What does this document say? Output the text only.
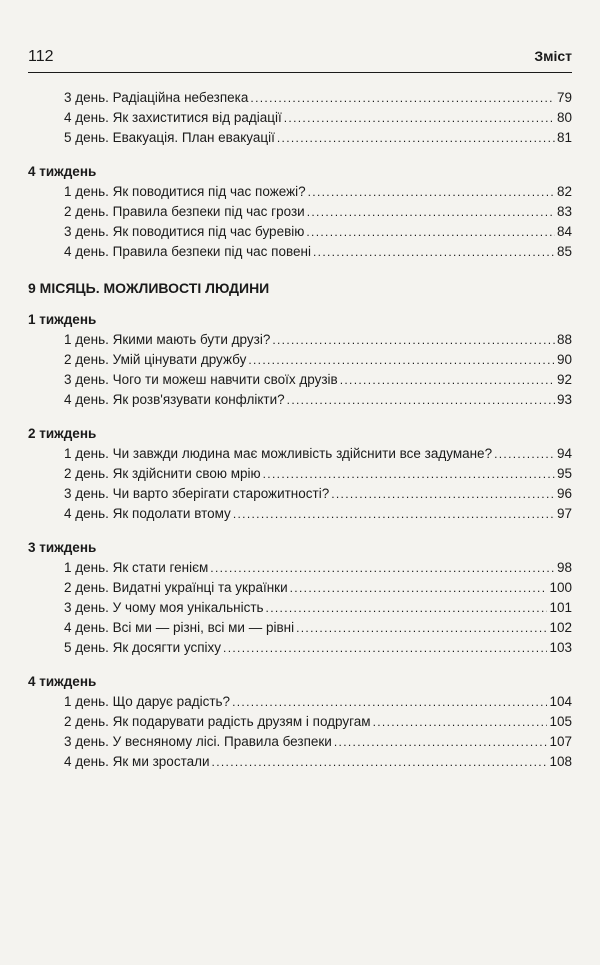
112	Зміст
3 день. Радіаційна небезпека . . .	79
4 день. Як захиститися від радіації . . .	80
5 день. Евакуація. План евакуації . . .	81
4 тиждень
1 день. Як поводитися під час пожежі? . . .	82
2 день. Правила безпеки під час грози . . .	83
3 день. Як поводитися під час буревію . . .	84
4 день. Правила безпеки під час повені . . .	85
9 МІСЯЦЬ. МОЖЛИВОСТІ ЛЮДИНИ
1 тиждень
1 день. Якими мають бути друзі? . . .	88
2 день. Умій цінувати дружбу . . .	90
3 день. Чого ти можеш навчити своїх друзів . . .	92
4 день. Як розв'язувати конфлікти? . . .	93
2 тиждень
1 день. Чи завжди людина має можливість здійснити все задумане? . . .	94
2 день. Як здійснити свою мрію . . .	95
3 день. Чи варто зберігати старожитності? . . .	96
4 день. Як подолати втому . . .	97
3 тиждень
1 день. Як стати генієм . . .	98
2 день. Видатні українці та українки . . .	100
3 день. У чому моя унікальність . . .	101
4 день. Всі ми — різні, всі ми — рівні . . .	102
5 день. Як досягти успіху . . .	103
4 тиждень
1 день. Що дарує радість? . . .	104
2 день. Як подарувати радість друзям і подругам . . .	105
3 день. У весняному лісі. Правила безпеки . . .	107
4 день. Як ми зростали . . .	108
